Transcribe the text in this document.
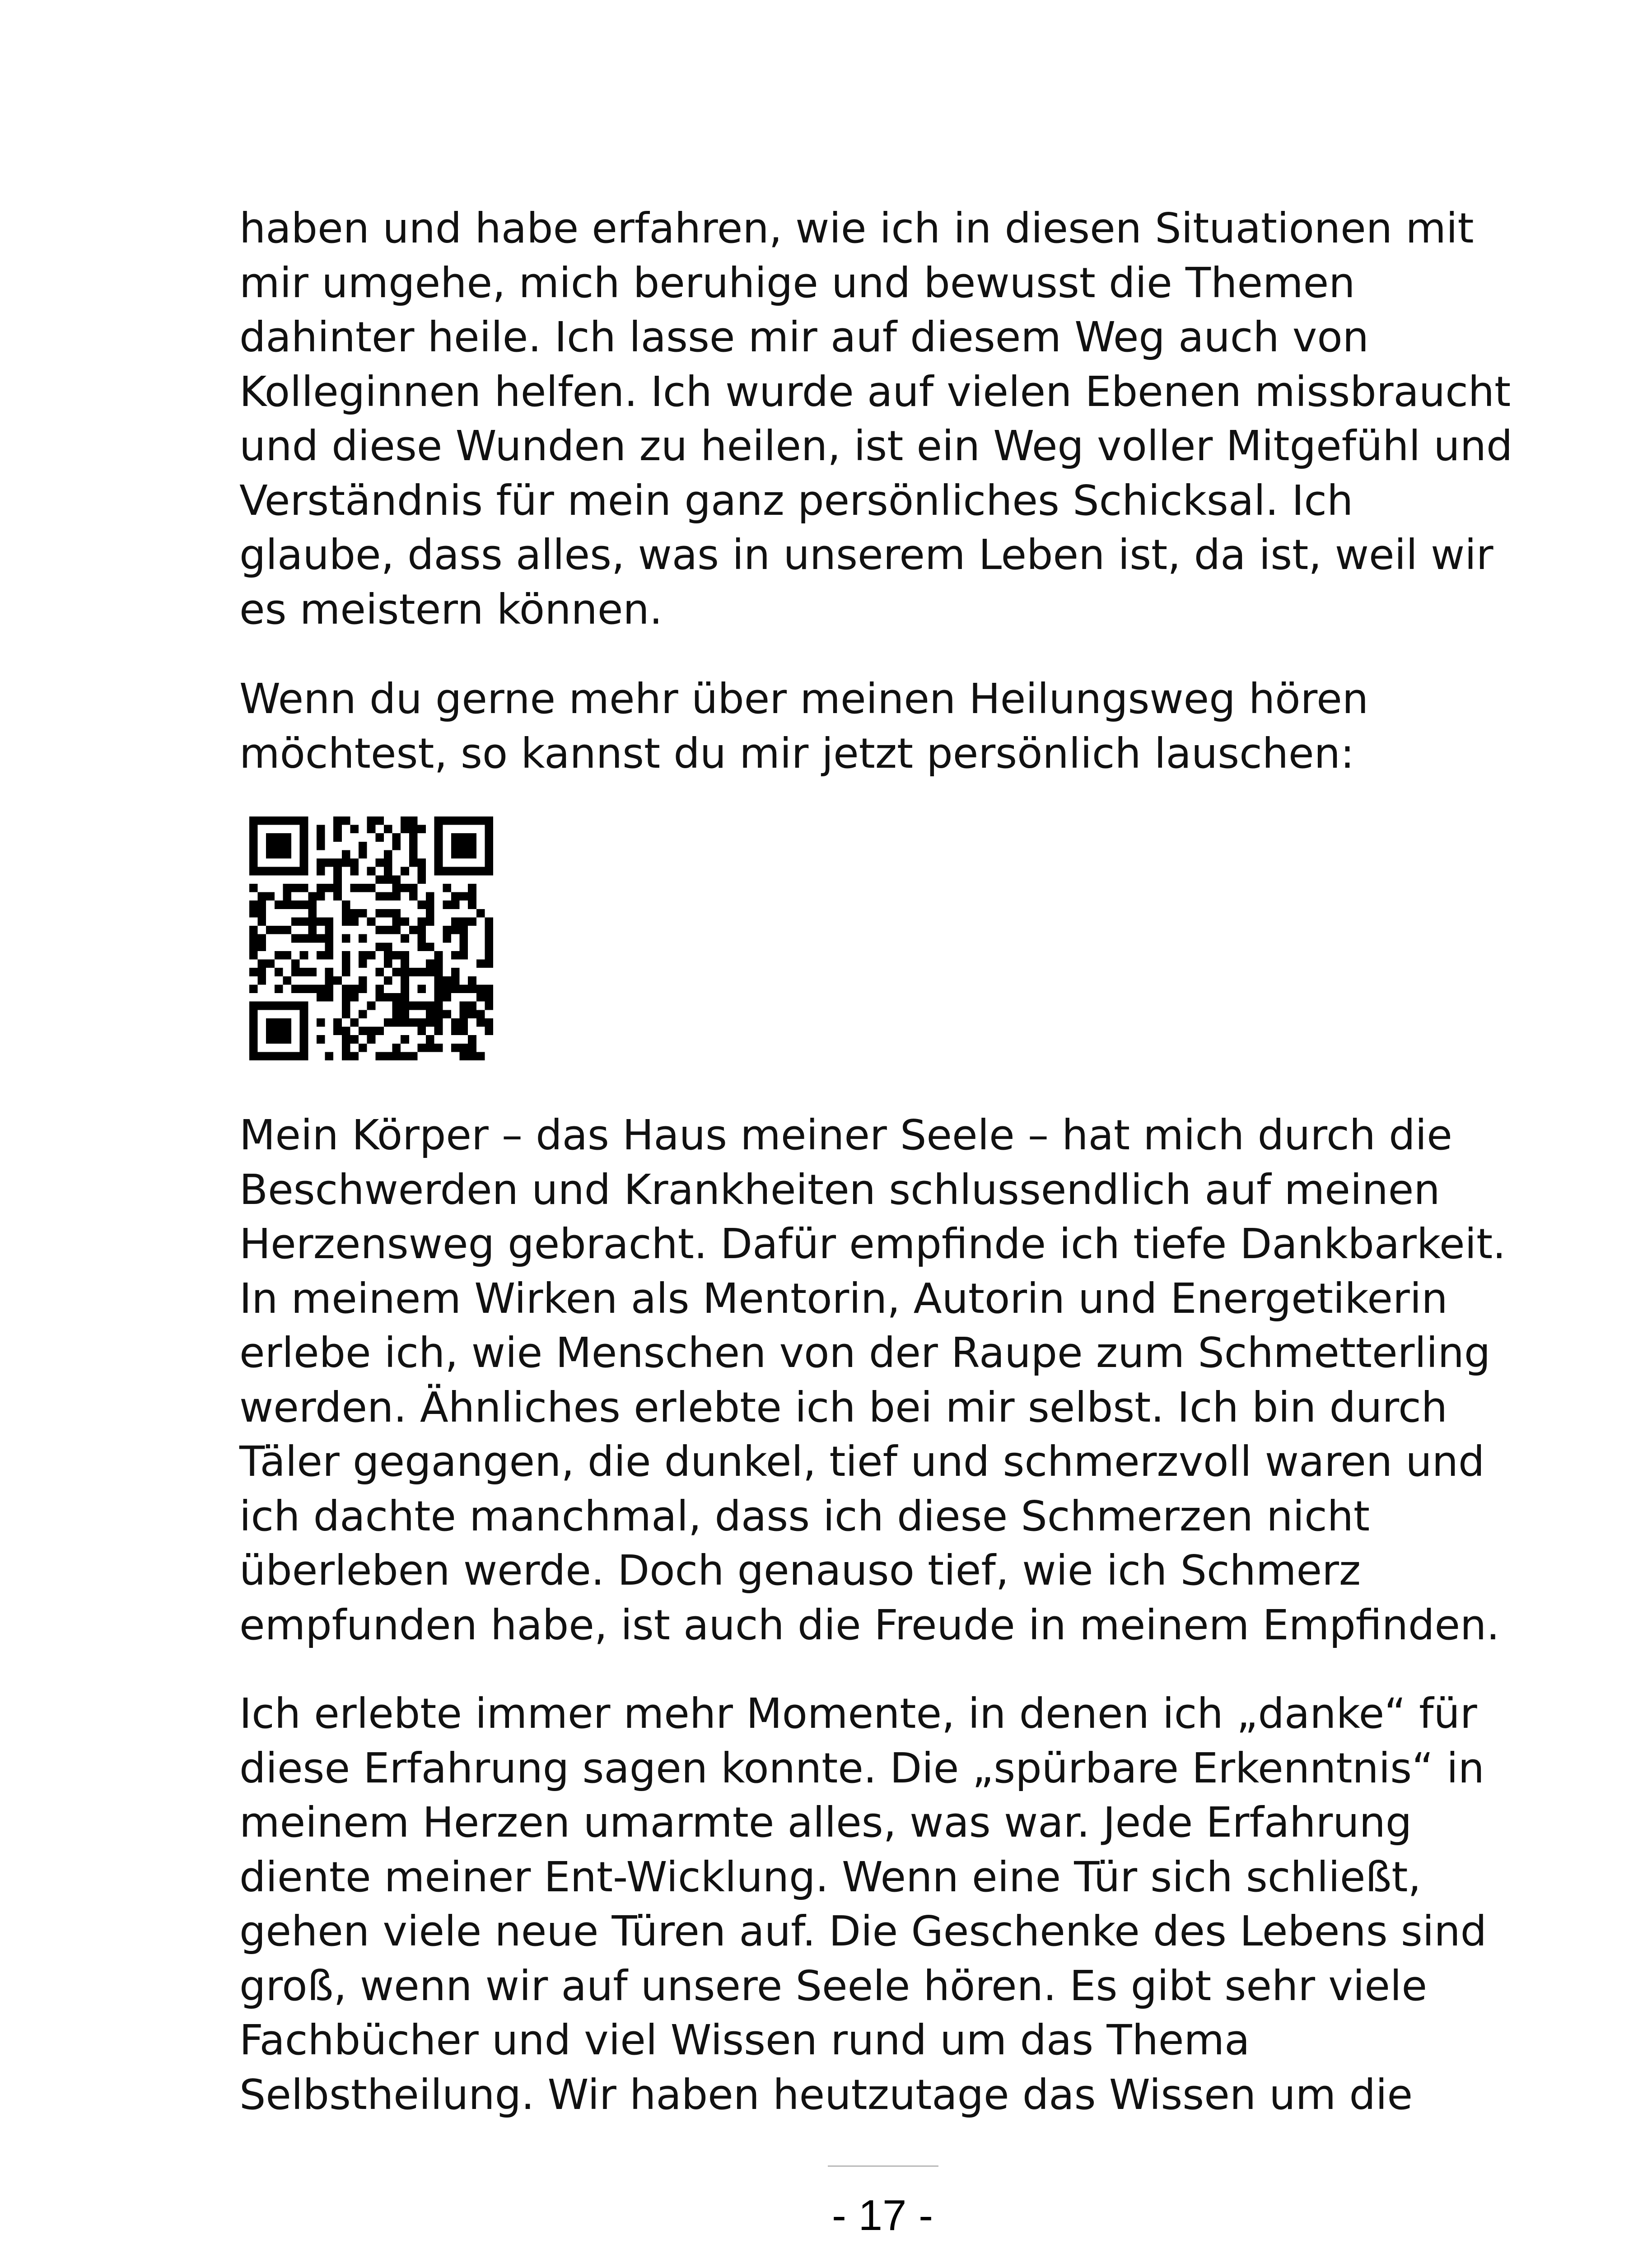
haben und habe erfahren, wie ich in diesen Situationen mit
mir umgehe, mich beruhige und bewusst die Themen
dahinter heile. Ich lasse mir auf diesem Weg auch von
Kolleginnen helfen. Ich wurde auf vielen Ebenen missbraucht
und diese Wunden zu heilen, ist ein Weg voller Mitgefühl und
Verständnis für mein ganz persönliches Schicksal. Ich
glaube, dass alles, was in unserem Leben ist, da ist, weil wir
es meistern können.
Wenn du gerne mehr über meinen Heilungsweg hören
möchtest, so kannst du mir jetzt persönlich lauschen:
Mein Körper – das Haus meiner Seele – hat mich durch die
Beschwerden und Krankheiten schlussendlich auf meinen
Herzensweg gebracht. Dafür empfinde ich tiefe Dankbarkeit.
In meinem Wirken als Mentorin, Autorin und Energetikerin
erlebe ich, wie Menschen von der Raupe zum Schmetterling
werden. Ähnliches erlebte ich bei mir selbst. Ich bin durch
Täler gegangen, die dunkel, tief und schmerzvoll waren und
ich dachte manchmal, dass ich diese Schmerzen nicht
überleben werde. Doch genauso tief, wie ich Schmerz
empfunden habe, ist auch die Freude in meinem Empfinden.
Ich erlebte immer mehr Momente, in denen ich „danke“ für
diese Erfahrung sagen konnte. Die „spürbare Erkenntnis“ in
meinem Herzen umarmte alles, was war. Jede Erfahrung
diente meiner Ent-Wicklung. Wenn eine Tür sich schließt,
gehen viele neue Türen auf. Die Geschenke des Lebens sind
groß, wenn wir auf unsere Seele hören. Es gibt sehr viele
Fachbücher und viel Wissen rund um das Thema
Selbstheilung. Wir haben heutzutage das Wissen um die
- 17 -
